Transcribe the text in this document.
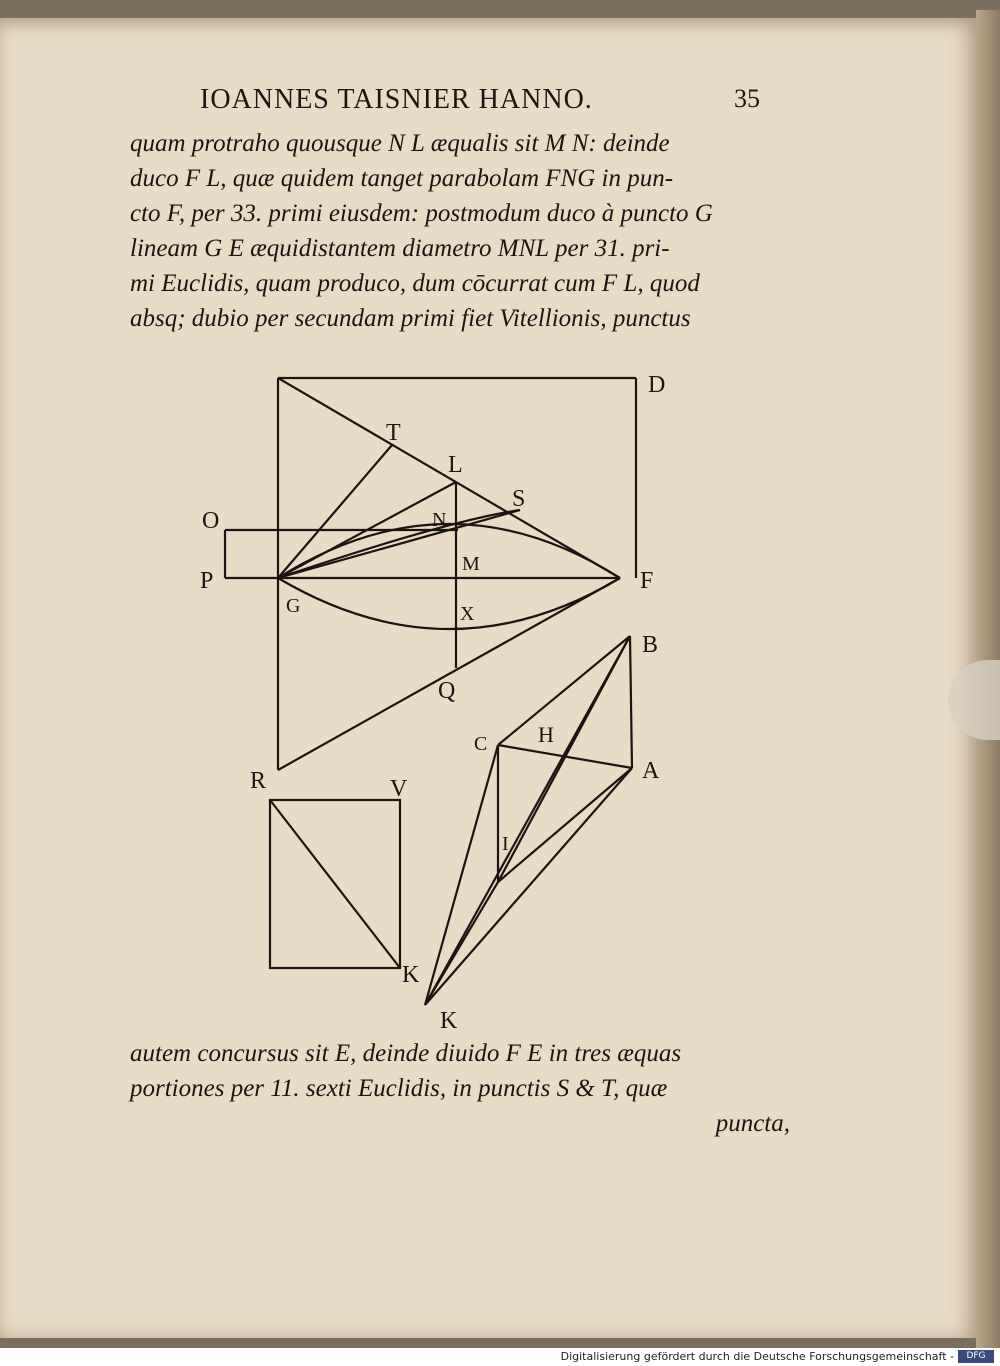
IOANNES TAISNIER HANNO.	35
quam protraho quousque N L æqualis sit M N: deinde
duco F L, quæ quidem tanget parabolam FNG in pun-
cto F, per 33. primi eiusdem: postmodum duco à puncto G
lineam G E æquidistantem diametro MNL per 31. pri-
mi Euclidis, quam produco, dum cōcurrat cum F L, quod
absq; dubio per secundam primi fiet Vitellionis, punctus
D
T
L
S
O	N
P
M
F
G	X
B
Q
C H
A
R	V
I
K
K
autem concursus sit E, deinde diuido F E in tres æquas
portiones per 11. sexti Euclidis, in punctis S & T, quæ
puncta,
Digitalisierung gefördert durch die Deutsche Forschungsgemeinschaft -	DFG
